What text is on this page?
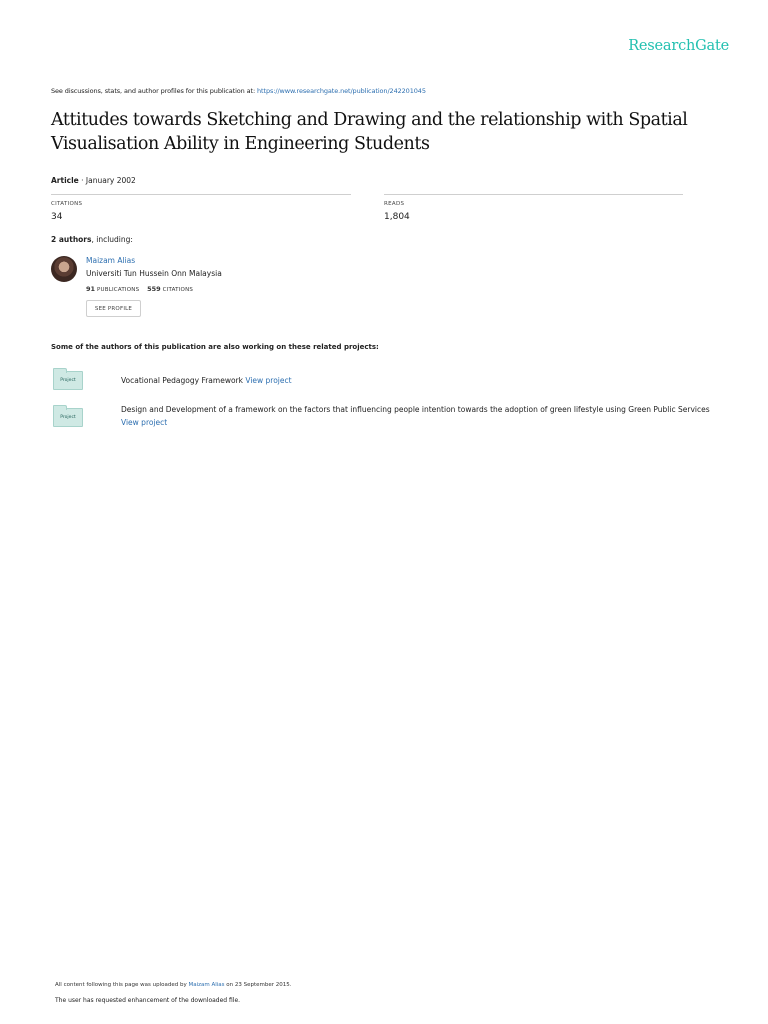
ResearchGate
See discussions, stats, and author profiles for this publication at: https://www.researchgate.net/publication/242201045
Attitudes towards Sketching and Drawing and the relationship with Spatial Visualisation Ability in Engineering Students
Article · January 2002
CITATIONS
34
READS
1,804
2 authors, including:
Maizam Alias
Universiti Tun Hussein Onn Malaysia
91 PUBLICATIONS 559 CITATIONS
SEE PROFILE
Some of the authors of this publication are also working on these related projects:
Project	Vocational Pedagogy Framework View project
Project
Design and Development of a framework on the factors that influencing people intention towards the adoption of green lifestyle using Green Public Services View project
All content following this page was uploaded by Maizam Alias on 23 September 2015.
The user has requested enhancement of the downloaded file.
